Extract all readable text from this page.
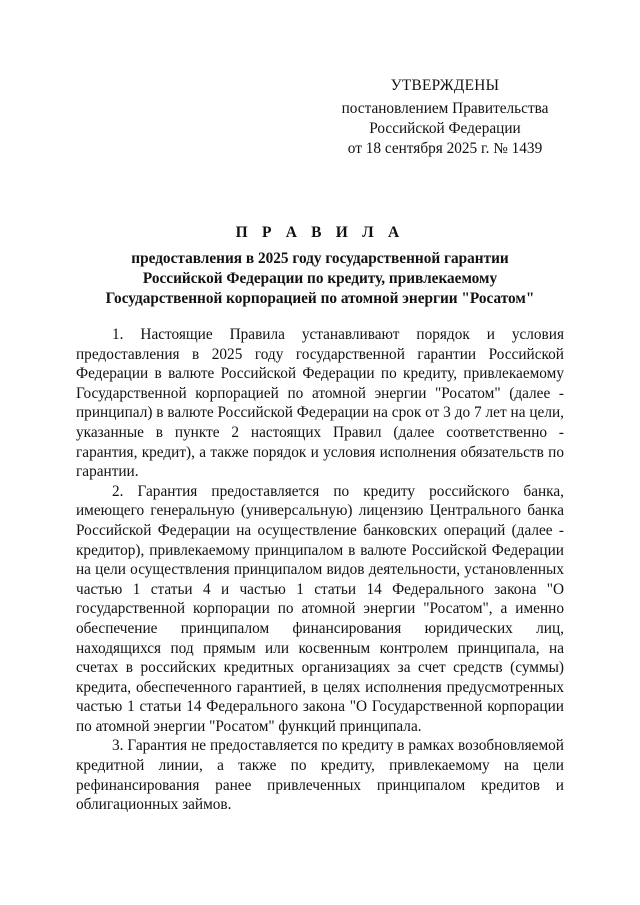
УТВЕРЖДЕНЫ
постановлением Правительства
Российской Федерации
от 18 сентября 2025 г. № 1439
П Р А В И Л А
предоставления в 2025 году государственной гарантии
Российской Федерации по кредиту, привлекаемому
Государственной корпорацией по атомной энергии "Росатом"

1. Настоящие Правила устанавливают порядок и условия предоставления в 2025 году государственной гарантии Российской Федерации в валюте Российской Федерации по кредиту, привлекаемому Государственной корпорацией по атомной энергии "Росатом" (далее - принципал) в валюте Российской Федерации на срок от 3 до 7 лет на цели, указанные в пункте 2 настоящих Правил (далее соответственно - гарантия, кредит), а также порядок и условия исполнения обязательств по гарантии.

2. Гарантия предоставляется по кредиту российского банка, имеющего генеральную (универсальную) лицензию Центрального банка Российской Федерации на осуществление банковских операций (далее - кредитор), привлекаемому принципалом в валюте Российской Федерации на цели осуществления принципалом видов деятельности, установленных частью 1 статьи 4 и частью 1 статьи 14 Федерального закона "О государственной корпорации по атомной энергии "Росатом", а именно обеспечение принципалом финансирования юридических лиц, находящихся под прямым или косвенным контролем принципала, на счетах в российских кредитных организациях за счет средств (суммы) кредита, обеспеченного гарантией, в целях исполнения предусмотренных частью 1 статьи 14 Федерального закона "О Государственной корпорации по атомной энергии "Росатом" функций принципала.

3. Гарантия не предоставляется по кредиту в рамках возобновляемой кредитной линии, а также по кредиту, привлекаемому на цели рефинансирования ранее привлеченных принципалом кредитов и облигационных займов.
